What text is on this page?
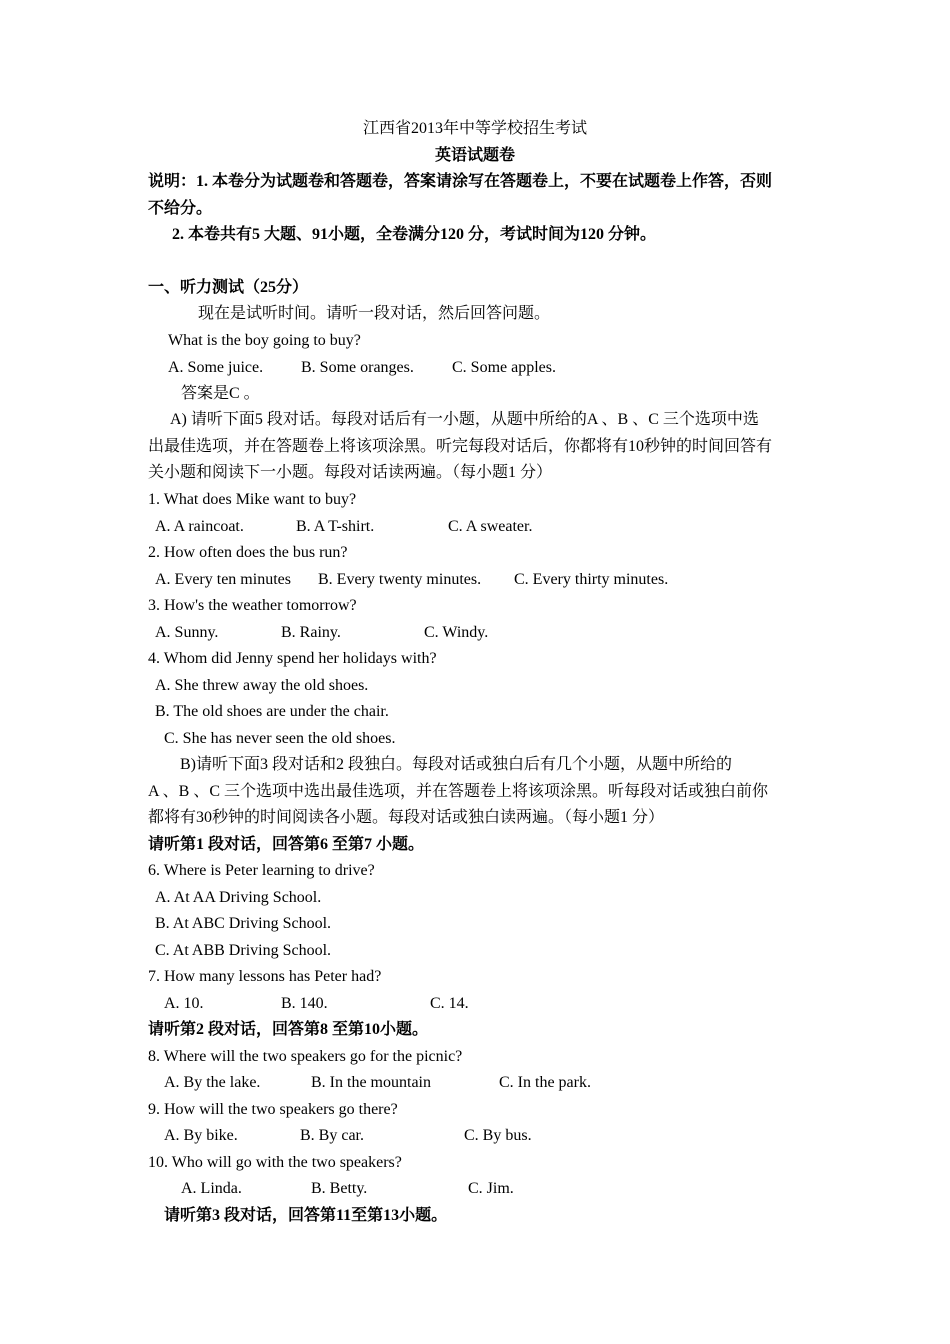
江西省2013年中等学校招生考试
英语试题卷
说明：1. 本卷分为试题卷和答题卷，答案请涂写在答题卷上，不要在试题卷上作答，否则
不给分。
2. 本卷共有5 大题、91小题，全卷满分120 分，考试时间为120 分钟。
一、听力测试（25分）
现在是试听时间。请听一段对话，然后回答问题。
What is the boy going to buy?
A. Some juice. B. Some oranges. C. Some apples.
答案是C 。
A) 请听下面5 段对话。每段对话后有一小题，从题中所给的A 、B 、C 三个选项中选
出最佳选项，并在答题卷上将该项涂黑。听完每段对话后，你都将有10秒钟的时间回答有
关小题和阅读下一小题。每段对话读两遍。（每小题1 分）
1. What does Mike want to buy?
A. A raincoat.	B. A T-shirt.	C. A sweater.
2. How often does the bus run?
A. Every ten minutes B. Every twenty minutes. C. Every thirty minutes.
3. How's the weather tomorrow?
A. Sunny.	B. Rainy.	C. Windy.
4. Whom did Jenny spend her holidays with?
A. She threw away the old shoes.
B. The old shoes are under the chair.
C. She has never seen the old shoes.
B)请听下面3 段对话和2 段独白。每段对话或独白后有几个小题，从题中所给的
A 、B 、C 三个选项中选出最佳选项，并在答题卷上将该项涂黑。听每段对话或独白前你
都将有30秒钟的时间阅读各小题。每段对话或独白读两遍。（每小题1 分）
请听第1 段对话，回答第6 至第7 小题。
6. Where is Peter learning to drive?
A. At AA Driving School.
B. At ABC Driving School.
C. At ABB Driving School.
7. How many lessons has Peter had?
A. 10.	B. 140.	C. 14.
请听第2 段对话，回答第8 至第10小题。
8. Where will the two speakers go for the picnic?
A. By the lake.	B. In the mountain	C. In the park.
9. How will the two speakers go there?
A. By bike.	B. By car.	C. By bus.
10. Who will go with the two speakers?
A. Linda.	B. Betty.	C. Jim.
请听第3 段对话，回答第11至第13小题。
